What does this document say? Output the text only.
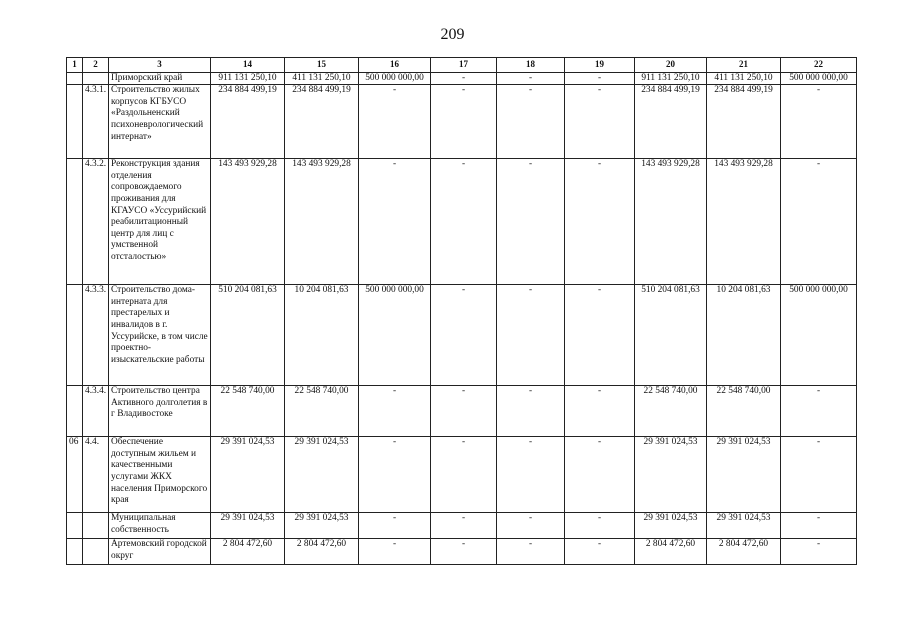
209
1	2	3	14	15	16	17	18	19	20	21	22
		Приморский край	911 131 250,10	411 131 250,10	500 000 000,00	-	-	-	911 131 250,10	411 131 250,10	500 000 000,00
	4.3.1.	Строительство жилых корпусов КГБУСО «Раздольненский психоневрологический интернат»	234 884 499,19	234 884 499,19	-	-	-	-	234 884 499,19	234 884 499,19	-
	4.3.2.	Реконструкция здания отделения сопровождаемого проживания для КГАУСО «Уссурийский реабилитационный центр для лиц с умственной отсталостью»	143 493 929,28	143 493 929,28	-	-	-	-	143 493 929,28	143 493 929,28	-
	4.3.3.	Строительство дома-интерната для престарелых и инвалидов в г. Уссурийске, в том числе проектно-изыскательские работы	510 204 081,63	10 204 081,63	500 000 000,00	-	-	-	510 204 081,63	10 204 081,63	500 000 000,00
	4.3.4.	Строительство центра Активного долголетия в г Владивостоке	22 548 740,00	22 548 740,00	-	-	-	-	22 548 740,00	22 548 740,00	-
06	4.4.	Обеспечение доступным жильем и качественными услугами ЖКХ населения Приморского края	29 391 024,53	29 391 024,53	-	-	-	-	29 391 024,53	29 391 024,53	-
		Муниципальная собственность	29 391 024,53	29 391 024,53	-	-	-	-	29 391 024,53	29 391 024,53	-
		Артемовский городской округ	2 804 472,60	2 804 472,60	-	-	-	-	2 804 472,60	2 804 472,60	-
